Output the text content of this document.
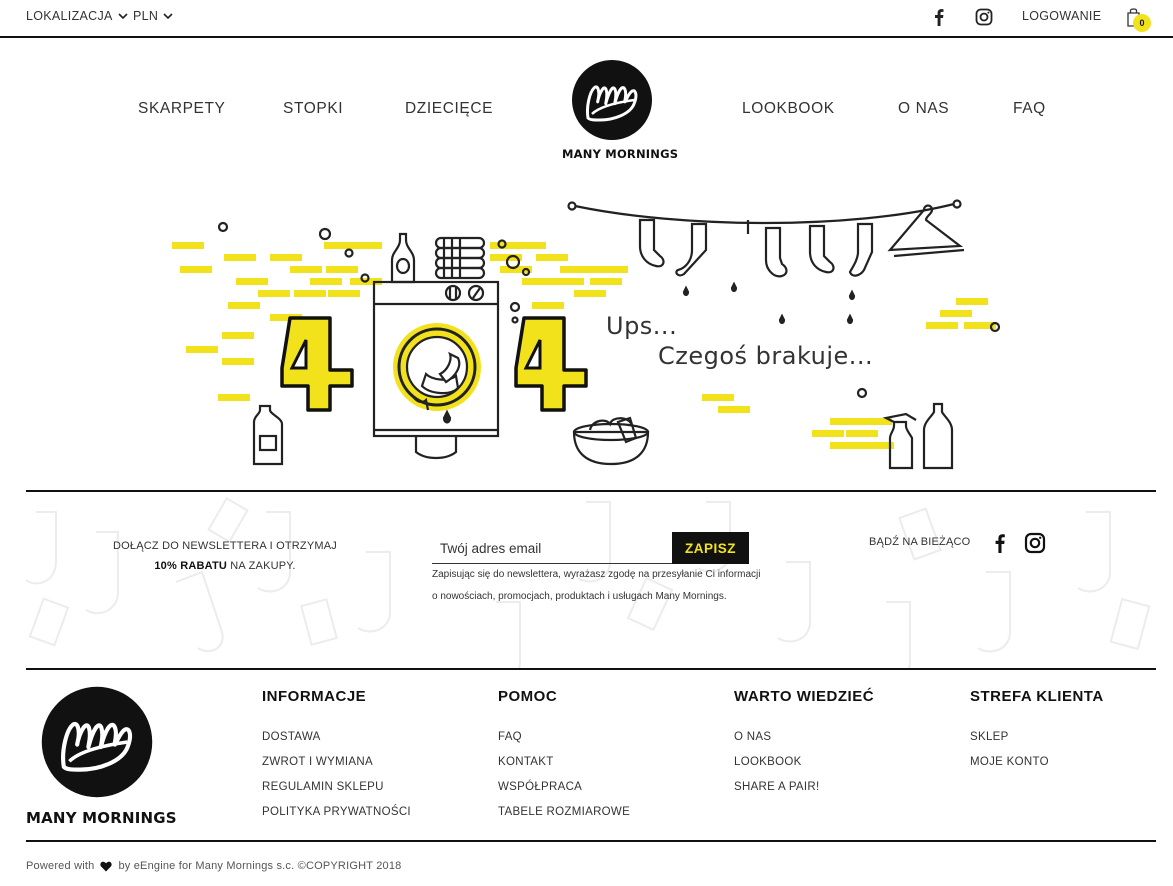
LOKALIZACJA PLN	LOGOWANIE	0
SKARPETY	STOPKI	DZIECIĘCE
MANY MORNINGS
LOOKBOOK	O NAS	FAQ
Ups...
Czegoś brakuje...
DOŁĄCZ DO NEWSLETTERA I OTRZYMAJ
10% RABATU NA ZAKUPY.
Twój adres email
ZAPISZ
Zapisując się do newslettera, wyrażasz zgodę na przesyłanie Ci informacji o nowościach, promocjach, produktach i usługach Many Mornings.
BĄDŹ NA BIEŻĄCO
MANY MORNINGS
INFORMACJE
DOSTAWA
ZWROT I WYMIANA
REGULAMIN SKLEPU
POLITYKA PRYWATNOŚCI
POMOC
FAQ
KONTAKT
WSPÓŁPRACA
TABELE ROZMIAROWE
WARTO WIEDZIEĆ
O NAS
LOOKBOOK
SHARE A PAIR!
STREFA KLIENTA
SKLEP
MOJE KONTO
Powered with by eEngine for Many Mornings s.c. ©COPYRIGHT 2018
